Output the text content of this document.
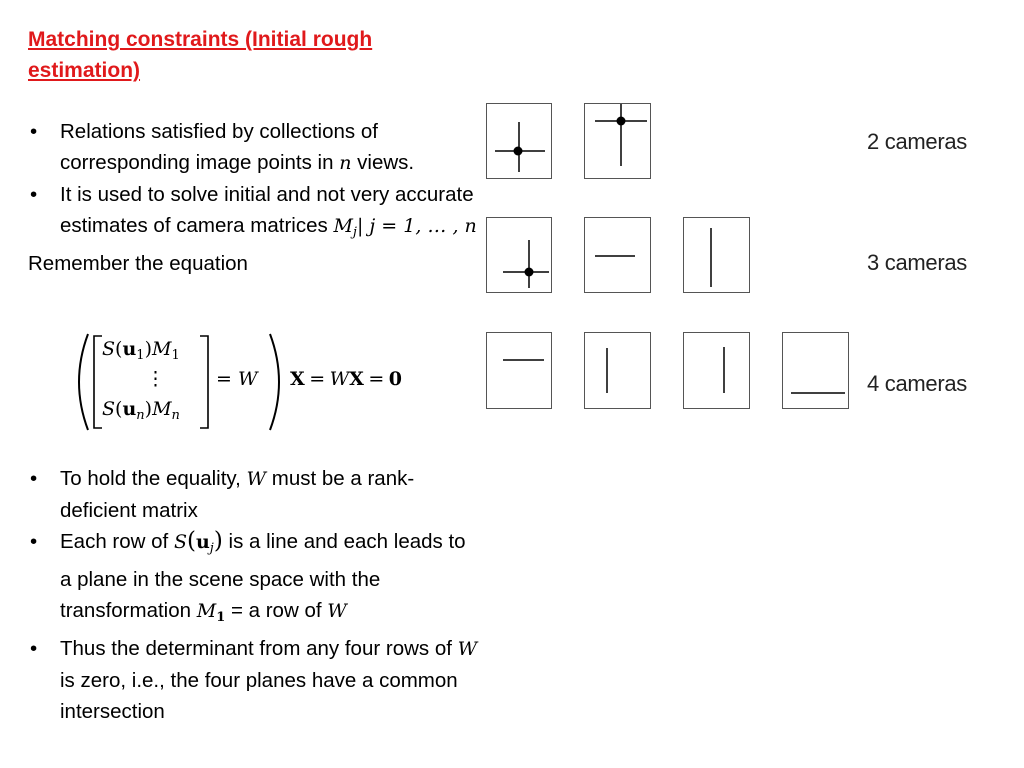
Matching constraints (Initial rough
estimation)
• Relations satisfied by collections of corresponding image points in n views.
• It is used to solve initial and not very accurate estimates of camera matrices $M_j|$ j = 1, … , n
Remember the equation
$S(u_1)M_1$
⋮
$S(u_n)M_n$
= W X = WX = 0
• To hold the equality, W must be a rank-deficient matrix
• Each row of $S(u_j)$ is a line and each leads to a plane in the scene space with the transformation $M_1 = a$ row of W
• Thus the determinant from any four rows of W is zero, i.e., the four planes have a common intersection
2 cameras
3 cameras
4 cameras
